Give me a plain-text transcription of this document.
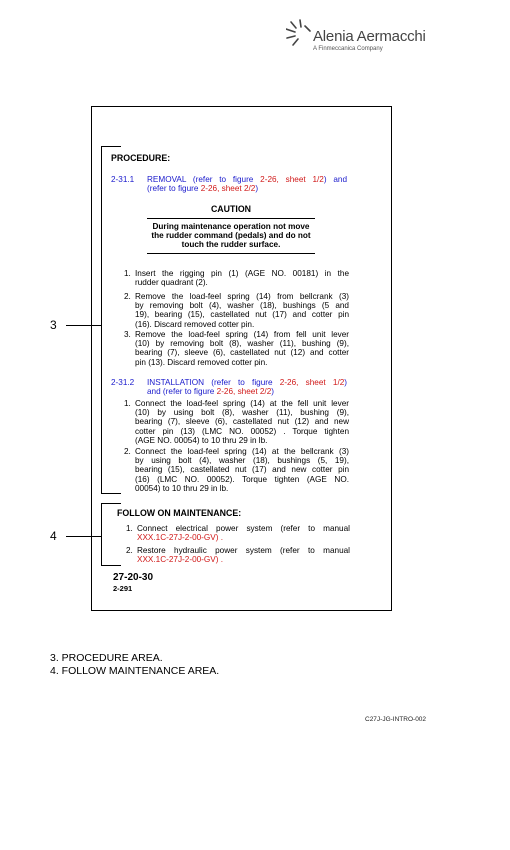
Alenia Aermacchi
A Finmeccanica Company
3
4
PROCEDURE:
2-31.1 REMOVAL (refer to figure 2-26, sheet 1/2) and
(refer to figure 2-26, sheet 2/2)
CAUTION
During maintenance operation not move
the rudder command (pedals) and do not
touch the rudder surface.
1. Insert the rigging pin (1) (AGE NO. 00181) in the
rudder quadrant (2).
2. Remove the load-feel spring (14) from bellcrank (3)
by removing bolt (4), washer (18), bushings (5 and
19), bearing (15), castellated nut (17) and cotter pin
(16). Discard removed cotter pin.
3. Remove the load-feel spring (14) from fell unit lever
(10) by removing bolt (8), washer (11), bushing (9),
bearing (7), sleeve (6), castellated nut (12) and cotter
pin (13). Discard removed cotter pin.
2-31.2 INSTALLATION (refer to figure 2-26, sheet 1/2)
and (refer to figure 2-26, sheet 2/2)
1. Connect the load-feel spring (14) at the fell unit lever
(10) by using bolt (8), washer (11), bushing (9),
bearing (7), sleeve (6), castellated nut (12) and new
cotter pin (13) (LMC NO. 00052) . Torque tighten
(AGE NO. 00054) to 10 thru 29 in lb.
2. Connect the load-feel spring (14) at the bellcrank (3)
by using bolt (4), washer (18), bushings (5, 19),
bearing (15), castellated nut (17) and new cotter pin
(16) (LMC NO. 00052). Torque tighten (AGE NO.
00054) to 10 thru 29 in lb.
FOLLOW ON MAINTENANCE:
1. Connect electrical power system (refer to manual
XXX.1C-27J-2-00-GV) .
2. Restore hydraulic power system (refer to manual
XXX.1C-27J-2-00-GV) .
27-20-30
2-291
3. PROCEDURE AREA.
4. FOLLOW MAINTENANCE AREA.
C27J-JG-INTRO-002
